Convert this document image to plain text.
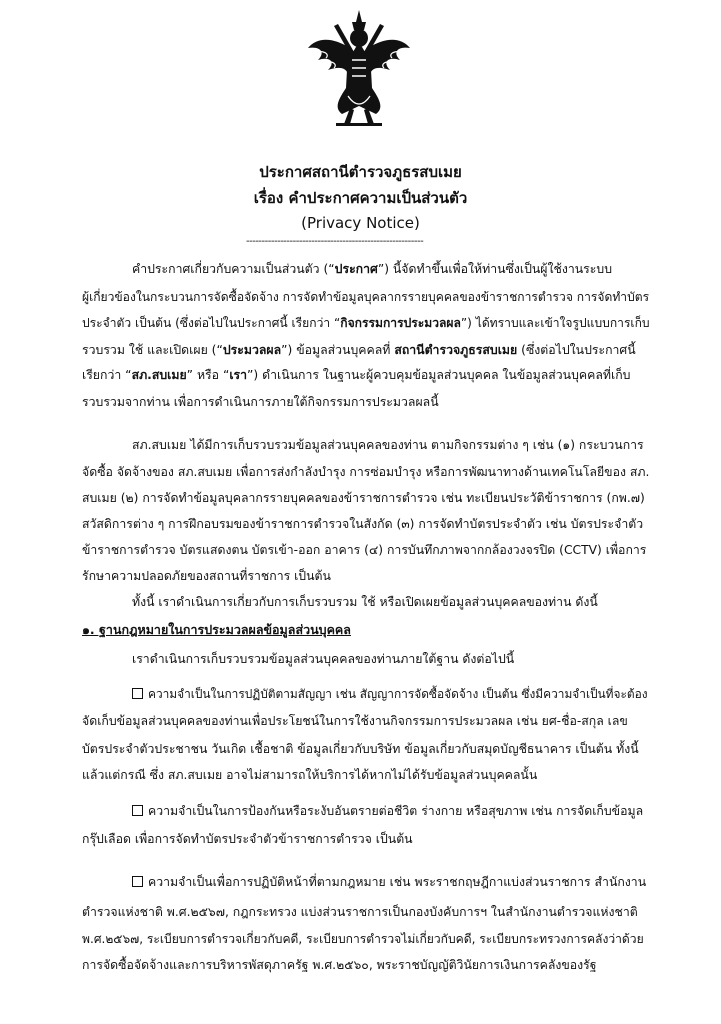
ประกาศสถานีตำรวจภูธรสบเมย
เรื่อง คำประกาศความเป็นส่วนตัว
(Privacy Notice)
---------------------------------------------------------
คำประกาศเกี่ยวกับความเป็นส่วนตัว (“ประกาศ”) นี้จัดทำขึ้นเพื่อให้ท่านซึ่งเป็นผู้ใช้งานระบบ
ผู้เกี่ยวข้องในกระบวนการจัดซื้อจัดจ้าง การจัดทำข้อมูลบุคลากรรายบุคคลของข้าราชการตำรวจ การจัดทำบัตร
ประจำตัว เป็นต้น (ซึ่งต่อไปในประกาศนี้ เรียกว่า “กิจกรรมการประมวลผล”) ได้ทราบและเข้าใจรูปแบบการเก็บ
รวบรวม ใช้ และเปิดเผย (“ประมวลผล”) ข้อมูลส่วนบุคคลที่ สถานีตำรวจภูธรสบเมย (ซึ่งต่อไปในประกาศนี้
เรียกว่า “สภ.สบเมย” หรือ “เรา”) ดำเนินการ ในฐานะผู้ควบคุมข้อมูลส่วนบุคคล ในข้อมูลส่วนบุคคลที่เก็บ
รวบรวมจากท่าน เพื่อการดำเนินการภายใต้กิจกรรมการประมวลผลนี้
สภ.สบเมย ได้มีการเก็บรวบรวมข้อมูลส่วนบุคคลของท่าน ตามกิจกรรมต่าง ๆ เช่น (๑) กระบวนการ
จัดซื้อ จัดจ้างของ สภ.สบเมย เพื่อการส่งกำลังบำรุง การซ่อมบำรุง หรือการพัฒนาทางด้านเทคโนโลยีของ สภ.
สบเมย (๒) การจัดทำข้อมูลบุคลากรรายบุคคลของข้าราชการตำรวจ เช่น ทะเบียนประวัติข้าราชการ (กพ.๗)
สวัสดิการต่าง ๆ การฝึกอบรมของข้าราชการตำรวจในสังกัด (๓) การจัดทำบัตรประจำตัว เช่น บัตรประจำตัว
ข้าราชการตำรวจ บัตรแสดงตน บัตรเข้า-ออก อาคาร (๔) การบันทึกภาพจากกล้องวงจรปิด (CCTV) เพื่อการ
รักษาความปลอดภัยของสถานที่ราชการ เป็นต้น
ทั้งนี้ เราดำเนินการเกี่ยวกับการเก็บรวบรวม ใช้ หรือเปิดเผยข้อมูลส่วนบุคคลของท่าน ดังนี้
๑. ฐานกฎหมายในการประมวลผลข้อมูลส่วนบุคคล
เราดำเนินการเก็บรวบรวมข้อมูลส่วนบุคคลของท่านภายใต้ฐาน ดังต่อไปนี้
ความจำเป็นในการปฏิบัติตามสัญญา เช่น สัญญาการจัดซื้อจัดจ้าง เป็นต้น ซึ่งมีความจำเป็นที่จะต้อง
จัดเก็บข้อมูลส่วนบุคคลของท่านเพื่อประโยชน์ในการใช้งานกิจกรรมการประมวลผล เช่น ยศ-ชื่อ-สกุล เลข
บัตรประจำตัวประชาชน วันเกิด เชื้อชาติ ข้อมูลเกี่ยวกับบริษัท ข้อมูลเกี่ยวกับสมุดบัญชีธนาคาร เป็นต้น ทั้งนี้
แล้วแต่กรณี ซึ่ง สภ.สบเมย อาจไม่สามารถให้บริการได้หากไม่ได้รับข้อมูลส่วนบุคคลนั้น
ความจำเป็นในการป้องกันหรือระงับอันตรายต่อชีวิต ร่างกาย หรือสุขภาพ เช่น การจัดเก็บข้อมูล
กรุ๊ปเลือด เพื่อการจัดทำบัตรประจำตัวข้าราชการตำรวจ เป็นต้น
ความจำเป็นเพื่อการปฏิบัติหน้าที่ตามกฎหมาย เช่น พระราชกฤษฎีกาแบ่งส่วนราชการ สำนักงาน
ตำรวจแห่งชาติ พ.ศ.๒๕๖๗, กฎกระทรวง แบ่งส่วนราชการเป็นกองบังคับการฯ ในสำนักงานตำรวจแห่งชาติ
พ.ศ.๒๕๖๗, ระเบียบการตำรวจเกี่ยวกับคดี, ระเบียบการตำรวจไม่เกี่ยวกับคดี, ระเบียบกระทรวงการคลังว่าด้วย
การจัดซื้อจัดจ้างและการบริหารพัสดุภาครัฐ พ.ศ.๒๕๖๐, พระราชบัญญัติวินัยการเงินการคลังของรัฐ
